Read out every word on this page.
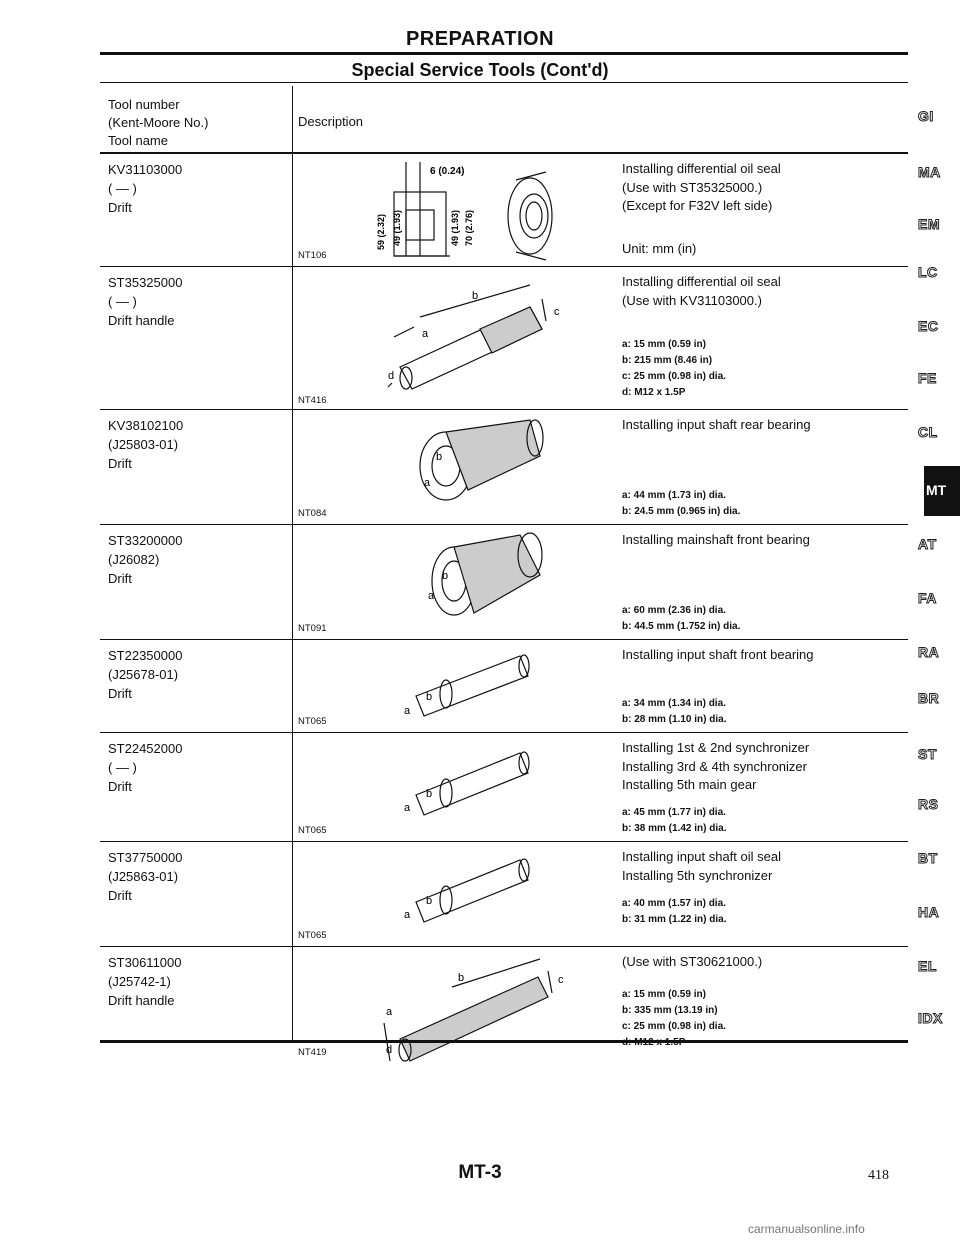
PREPARATION
Special Service Tools (Cont'd)
Tool number
(Kent-Moore No.)
Tool name
Description
KV31103000
( — )
Drift
6 (0.24)
59 (2.32) 49 (1.93)	49 (1.93) 70 (2.76)
NT106
Installing differential oil seal
(Use with ST35325000.)
(Except for F32V left side)
Unit: mm (in)
ST35325000
( — )
Drift handle
b
c
a
d
NT416
Installing differential oil seal
(Use with KV31103000.)
a: 15 mm (0.59 in)
b: 215 mm (8.46 in)
c: 25 mm (0.98 in) dia.
d: M12 x 1.5P
KV38102100
(J25803-01)
Drift
a
b
NT084
Installing input shaft rear bearing
a: 44 mm (1.73 in) dia.
b: 24.5 mm (0.965 in) dia.
ST33200000
(J26082)
Drift
a
b
NT091
Installing mainshaft front bearing
a: 60 mm (2.36 in) dia.
b: 44.5 mm (1.752 in) dia.
ST22350000
(J25678-01)
Drift
a
b
NT065
Installing input shaft front bearing
a: 34 mm (1.34 in) dia.
b: 28 mm (1.10 in) dia.
ST22452000
( — )
Drift
a
b
NT065
Installing 1st & 2nd synchronizer
Installing 3rd & 4th synchronizer
Installing 5th main gear
a: 45 mm (1.77 in) dia.
b: 38 mm (1.42 in) dia.
ST37750000
(J25863-01)
Drift
a
b
NT065
Installing input shaft oil seal
Installing 5th synchronizer
a: 40 mm (1.57 in) dia.
b: 31 mm (1.22 in) dia.
ST30611000
(J25742-1)
Drift handle
b	c
a
d
NT419
(Use with ST30621000.)
a: 15 mm (0.59 in)
b: 335 mm (13.19 in)
c: 25 mm (0.98 in) dia.
d: M12 x 1.5P
GI
MA
EM
LC
EC
FE
CL
MT
AT
FA
RA
BR
ST
RS
BT
HA
EL
IDX
MT-3	418
carmanualsonline.info
